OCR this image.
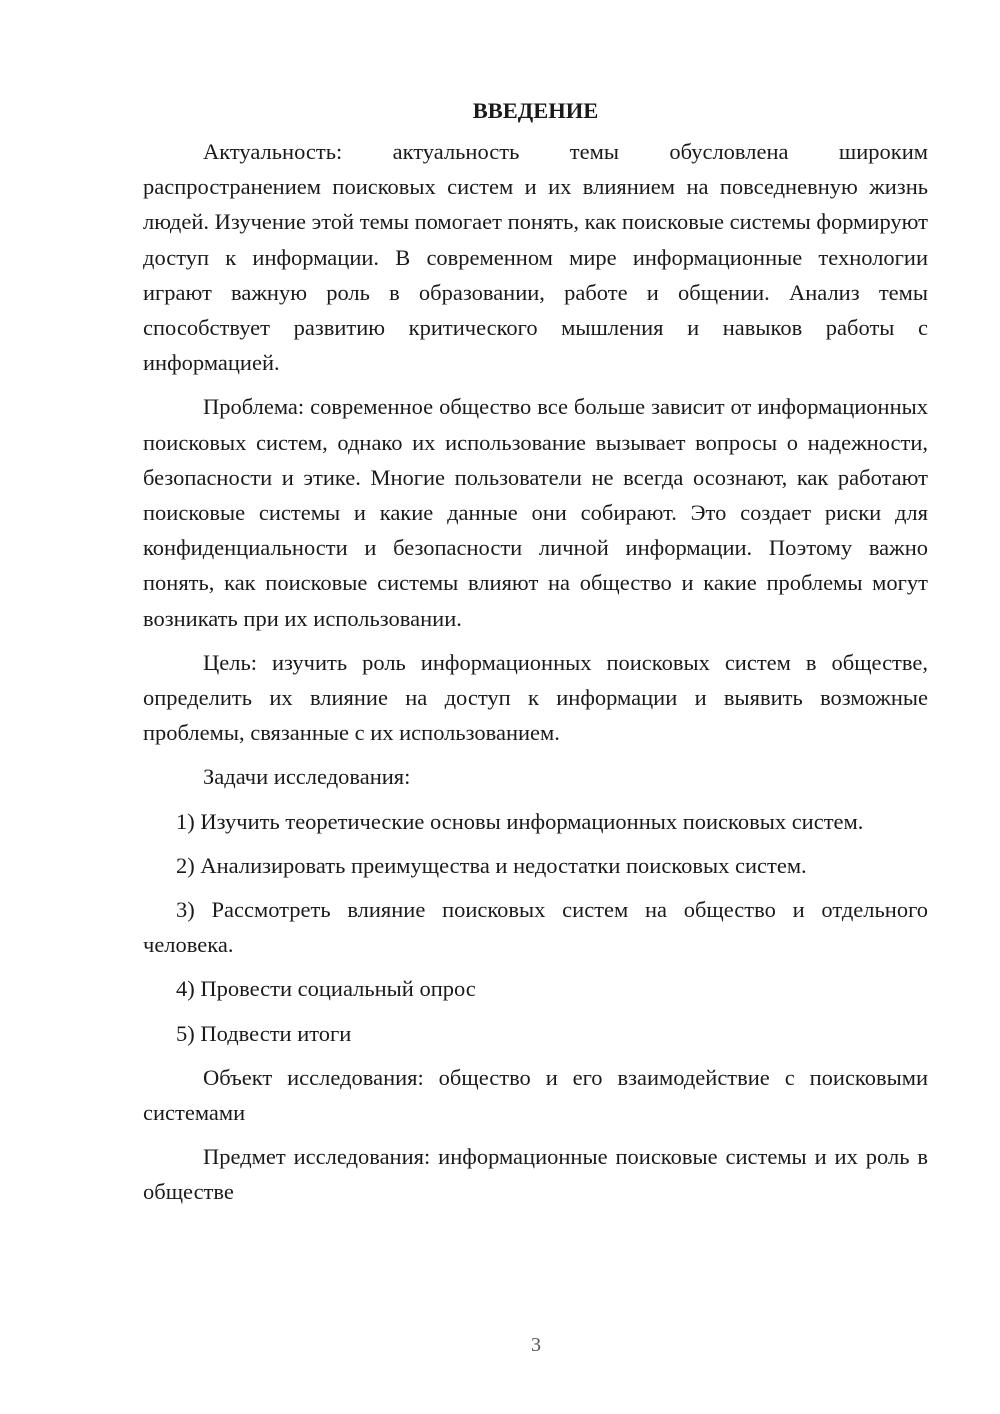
ВВЕДЕНИЕ

Актуальность: актуальность темы обусловлена широким распространением поисковых систем и их влиянием на повседневную жизнь людей. Изучение этой темы помогает понять, как поисковые системы формируют доступ к информации. В современном мире информационные технологии играют важную роль в образовании, работе и общении. Анализ темы способствует развитию критического мышления и навыков работы с информацией.

Проблема: современное общество все больше зависит от информационных поисковых систем, однако их использование вызывает вопросы о надежности, безопасности и этике. Многие пользователи не всегда осознают, как работают поисковые системы и какие данные они собирают. Это создает риски для конфиденциальности и безопасности личной информации. Поэтому важно понять, как поисковые системы влияют на общество и какие проблемы могут возникать при их использовании.

Цель: изучить роль информационных поисковых систем в обществе, определить их влияние на доступ к информации и выявить возможные проблемы, связанные с их использованием.

Задачи исследования:

1) Изучить теоретические основы информационных поисковых систем.

2) Анализировать преимущества и недостатки поисковых систем.

3) Рассмотреть влияние поисковых систем на общество и отдельного человека.

4) Провести социальный опрос

5) Подвести итоги

Объект исследования: общество и его взаимодействие с поисковыми системами

Предмет исследования: информационные поисковые системы и их роль в обществе

3
